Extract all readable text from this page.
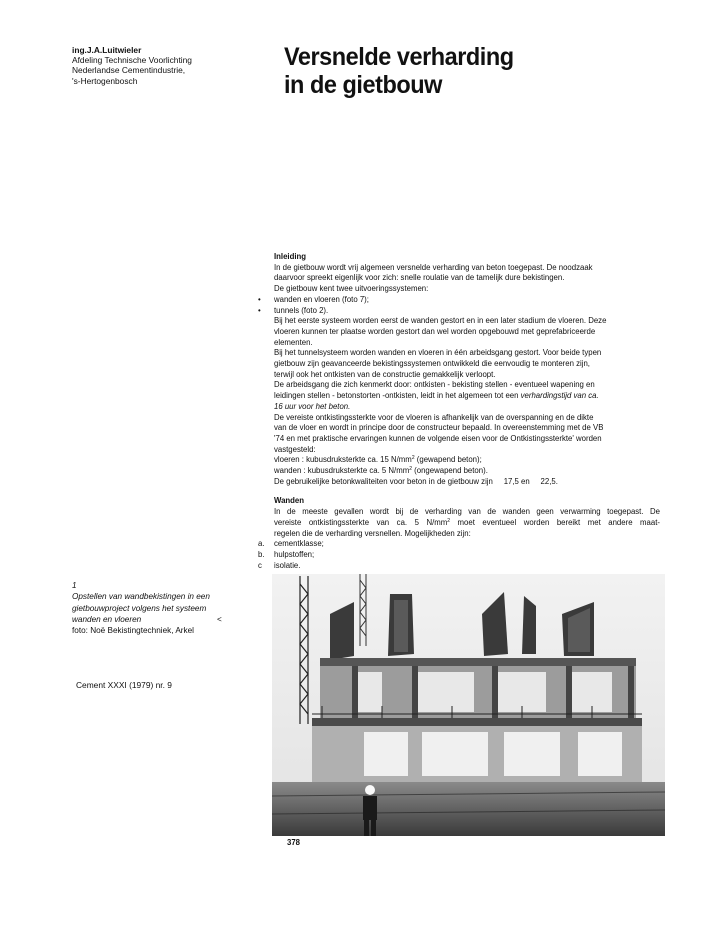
ing.J.A.Luitwieler
Afdeling Technische Voorlichting
Nederlandse Cementindustrie,
's-Hertogenbosch
Versnelde verharding
in de gietbouw

Inleiding

In de gietbouw wordt vrij algemeen versnelde verharding van beton toegepast. De noodzaak

daarvoor spreekt eigenlijk voor zich: snelle roulatie van de tamelijk dure bekistingen.

De gietbouw kent twee uitvoeringssystemen:

•	wanden en vloeren (foto 7);
•	tunnels (foto 2).

Bij het eerste systeem worden eerst de wanden gestort en in een later stadium de vloeren. Deze

vloeren kunnen ter plaatse worden gestort dan wel worden opgebouwd met geprefabriceerde

elementen.

Bij het tunnelsysteem worden wanden en vloeren in één arbeidsgang gestort. Voor beide typen

gietbouw zijn geavanceerde bekistingssystemen ontwikkeld die eenvoudig te monteren zijn,

terwijl ook het ontkisten van de constructie gemakkelijk verloopt.

De arbeidsgang die zich kenmerkt door: ontkisten - bekisting stellen - eventueel wapening en

leidingen stellen - betonstorten -ontkisten, leidt in het algemeen tot een verhardingstijd van ca.

16 uur voor het beton.

De vereiste ontkistingssterkte voor de vloeren is afhankelijk van de overspanning en de dikte

van de vloer en wordt in principe door de constructeur bepaald. In overeenstemming met de VB

'74 en met praktische ervaringen kunnen de volgende eisen voor de Ontkistingssterkte' worden

vastgesteld:

vloeren : kubusdruksterkte ca. 15 $N/mm^2$ (gewapend beton);

wanden : kubusdruksterkte ca. 5 $N/mm^2$ (ongewapend beton).

De gebruikelijke betonkwaliteiten voor beton in de gietbouw zijn     17,5 en     22,5.

Wanden

In de meeste gevallen wordt bij de verharding van de wanden geen verwarming toegepast. De

vereiste ontkistingssterkte van ca. 5 $N/mm^2$ moet eventueel worden bereikt met andere maat-

regelen die de verharding versnellen. Mogelijkheden zijn:

a.	cementklasse;
b.	hulpstoffen;
c	isolatie.
1
Opstellen van wandbekistingen in een
gietbouwproject volgens het systeem
wanden en vloeren	<
foto: Noë Bekistingtechniek, Arkel
Cement XXXI (1979) nr. 9
378
